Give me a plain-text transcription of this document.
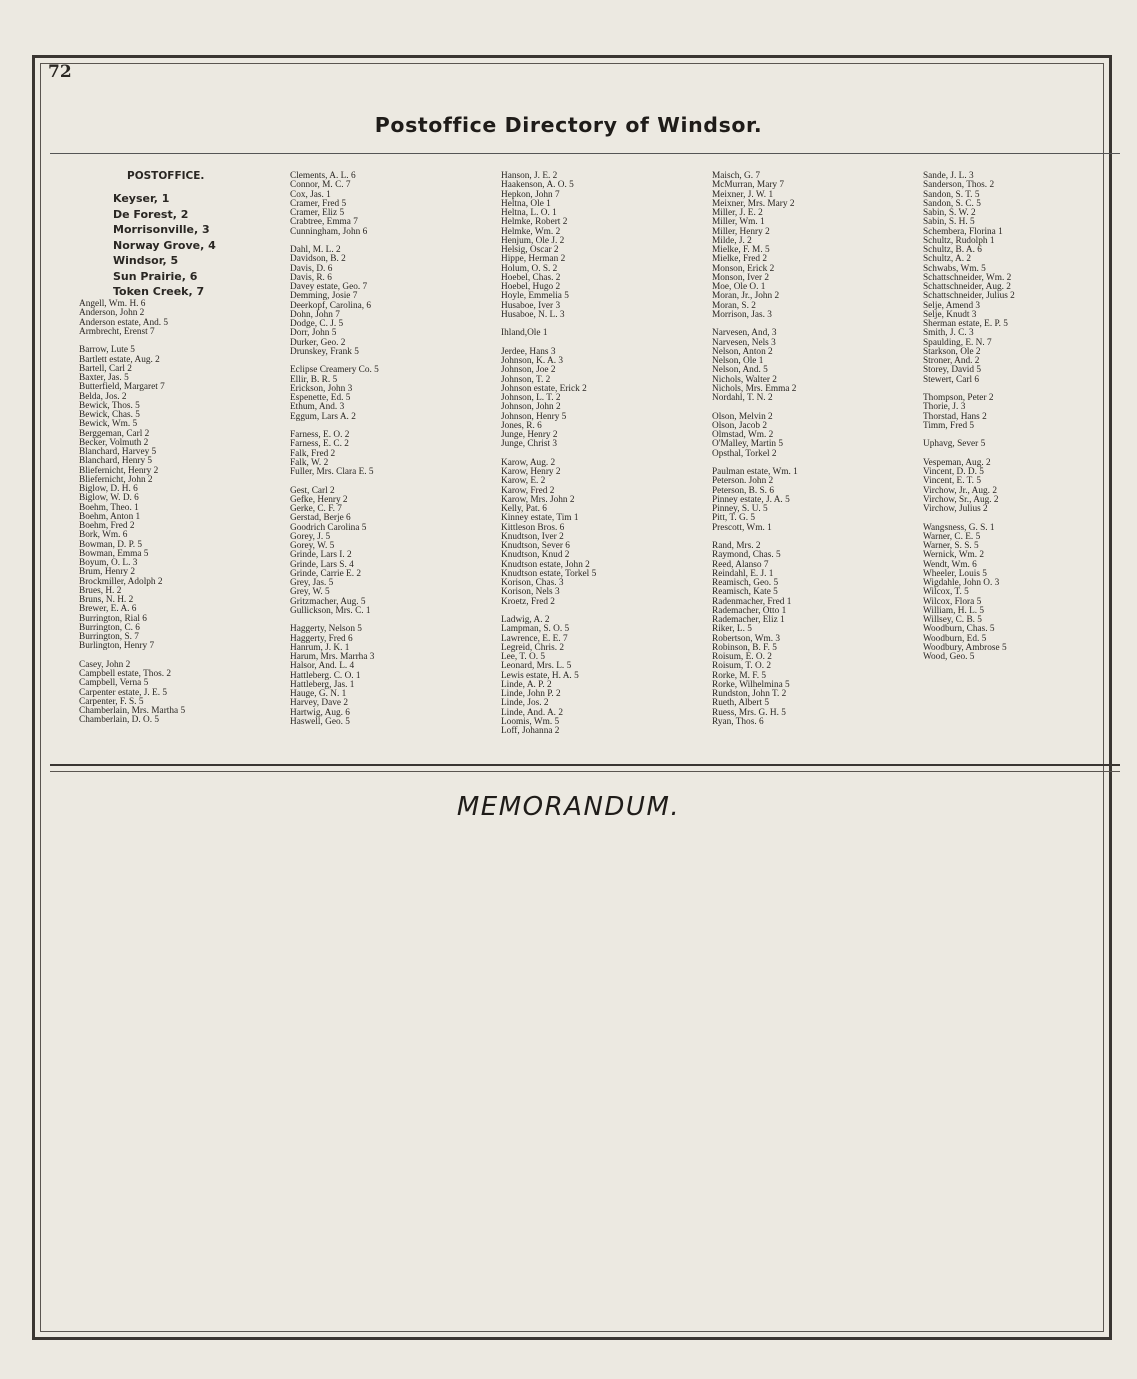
72
Postoffice Directory of Windsor.
POSTOFFICE.
Keyser, 1
De Forest, 2
Morrisonville, 3
Norway Grove, 4
Windsor, 5
Sun Prairie, 6
Token Creek, 7
Angell, Wm. H. 6
Anderson, John 2
Anderson estate, And. 5
Armbrecht, Erenst 7
Barrow, Lute 5
Bartlett estate, Aug. 2
Bartell, Carl 2
Baxter, Jas. 5
Butterfield, Margaret 7
Belda, Jos. 2
Bewick, Thos. 5
Bewick, Chas. 5
Bewick, Wm. 5
Berggeman, Carl 2
Becker, Volmuth 2
Blanchard, Harvey 5
Blanchard, Henry 5
Bliefernicht, Henry 2
Bliefernicht, John 2
Biglow, D. H. 6
Biglow, W. D. 6
Boehm, Theo. 1
Boehm, Anton 1
Boehm, Fred 2
Bork, Wm. 6
Bowman, D. P. 5
Bowman, Emma 5
Boyum, O. L. 3
Brum, Henry 2
Brockmiller, Adolph 2
Brues, H. 2
Bruns, N. H. 2
Brewer, E. A. 6
Burrington, Rial 6
Burrington, C. 6
Burrington, S. 7
Burlington, Henry 7
Casey, John 2
Campbell estate, Thos. 2
Campbell, Verna 5
Carpenter estate, J. E. 5
Carpenter, F. S. 5
Chamberlain, Mrs. Martha 5
Chamberlain, D. O. 5
Clements, A. L. 6
Connor, M. C. 7
Cox, Jas. 1
Cramer, Fred 5
Cramer, Eliz 5
Crabtree, Emma 7
Cunningham, John 6
Dahl, M. L. 2
Davidson, B. 2
Davis, D. 6
Davis, R. 6
Davey estate, Geo. 7
Demming, Josie 7
Deerkopf, Carolina, 6
Dohn, John 7
Dodge, C. J. 5
Dorr, John 5
Durker, Geo. 2
Drunskey, Frank 5
Eclipse Creamery Co. 5
Ellir, B. R. 5
Erickson, John 3
Espenette, Ed. 5
Ethum, And. 3
Eggum, Lars A. 2
Farness, E. O. 2
Farness, E. C. 2
Falk, Fred 2
Falk, W. 2
Fuller, Mrs. Clara E. 5
Gest, Carl 2
Gefke, Henry 2
Gerke, C. F. 7
Gerstad, Berje 6
Goodrich Carolina 5
Gorey, J. 5
Gorey, W. 5
Grinde, Lars I. 2
Grinde, Lars S. 4
Grinde, Carrie E. 2
Grey, Jas. 5
Grey, W. 5
Gritzmacher, Aug. 5
Gullickson, Mrs. C. 1
Haggerty, Nelson 5
Haggerty, Fred 6
Hanrum, J. K. 1
Harum, Mrs. Marrha 3
Halsor, And. L. 4
Hattleberg. C. O. 1
Hattleberg, Jas. 1
Hauge, G. N. 1
Harvey, Dave 2
Hartwig, Aug. 6
Haswell, Geo. 5
Hanson, J. E. 2
Haakenson, A. O. 5
Hepkon, John 7
Heltna, Ole 1
Heltna, L. O. 1
Helmke, Robert 2
Helmke, Wm. 2
Henjum, Ole J. 2
Helsig, Oscar 2
Hippe, Herman 2
Holum, O. S. 2
Hoebel, Chas. 2
Hoebel, Hugo 2
Hoyle, Emmelia 5
Husaboe, Iver 3
Husaboe, N. L. 3
Ihland,Ole 1
Jerdee, Hans 3
Johnson, K. A. 3
Johnson, Joe 2
Johnson, T. 2
Johnson estate, Erick 2
Johnson, L. T. 2
Johnson, John 2
Johnson, Henry 5
Jones, R. 6
Junge, Henry 2
Junge, Christ 3
Karow, Aug. 2
Karow, Henry 2
Karow, E. 2
Karow, Fred 2
Karow, Mrs. John 2
Kelly, Pat. 6
Kinney estate, Tim 1
Kittleson Bros. 6
Knudtson, Iver 2
Knudtson, Sever 6
Knudtson, Knud 2
Knudtson estate, John 2
Knudtson estate, Torkel 5
Korison, Chas. 3
Korison, Nels 3
Kroetz, Fred 2
Ladwig, A. 2
Lampman, S. O. 5
Lawrence, E. E. 7
Legreid, Chris. 2
Lee, T. O. 5
Leonard, Mrs. L. 5
Lewis estate, H. A. 5
Linde, A. P. 2
Linde, John P. 2
Linde, Jos. 2
Linde, And. A. 2
Loomis, Wm. 5
Loff, Johanna 2
Maisch, G. 7
McMurran, Mary 7
Meixner, J. W. 1
Meixner, Mrs. Mary 2
Miller, J. E. 2
Miller, Wm. 1
Miller, Henry 2
Milde, J. 2
Mielke, F. M. 5
Mielke, Fred 2
Monson, Erick 2
Monson, Iver 2
Moe, Ole O. 1
Moran, Jr., John 2
Moran, S. 2
Morrison, Jas. 3
Narvesen, And, 3
Narvesen, Nels 3
Nelson, Anton 2
Nelson, Ole 1
Nelson, And. 5
Nichols, Walter 2
Nichols, Mrs. Emma 2
Nordahl, T. N. 2
Olson, Melvin 2
Olson, Jacob 2
Olmstad, Wm. 2
O'Malley, Martin 5
Opsthal, Torkel 2
Paulman estate, Wm. 1
Peterson. John 2
Peterson, B. S. 6
Pinney estate, J. A. 5
Pinney, S. U. 5
Pitt, T. G. 5
Prescott, Wm. 1
Rand, Mrs. 2
Raymond, Chas. 5
Reed, Alanso 7
Reindahl, E. J. 1
Reamisch, Geo. 5
Reamisch, Kate 5
Radenmacher, Fred 1
Rademacher, Otto 1
Rademacher, Eliz 1
Riker, L. 5
Robertson, Wm. 3
Robinson, B. F. 5
Roisum, E. O. 2
Roisum, T. O. 2
Rorke, M. F. 5
Rorke, Wilhelmina 5
Rundston, John T. 2
Rueth, Albert 5
Ruess, Mrs. G. H. 5
Ryan, Thos. 6
Sande, J. L. 3
Sanderson, Thos. 2
Sandon, S. T. 5
Sandon, S. C. 5
Sabin, S. W. 2
Sabin, S. H. 5
Schembera, Florina 1
Schultz, Rudolph 1
Schultz, B. A. 6
Schultz, A. 2
Schwabs, Wm. 5
Schattschneider, Wm. 2
Schattschneider, Aug. 2
Schattschneider, Julius 2
Selje, Amend 3
Selje, Knudt 3
Sherman estate, E. P. 5
Smith, J. C. 3
Spaulding, E. N. 7
Starkson, Ole 2
Stroner, And. 2
Storey, David 5
Stewert, Carl 6
Thompson, Peter 2
Thorie, J. 3
Thorstad, Hans 2
Timm, Fred 5
Uphavg, Sever 5
Vespeman, Aug. 2
Vincent, D. D. 5
Vincent, E. T. 5
Virchow, Jr., Aug. 2
Virchow, Sr., Aug. 2
Virchow, Julius 2
Wangsness, G. S. 1
Warner, C. E. 5
Warner, S. S. 5
Wernick, Wm. 2
Wendt, Wm. 6
Wheeler, Louis 5
Wigdahle, John O. 3
Wilcox, T. 5
Wilcox, Flora 5
William, H. L. 5
Willsey, C. B. 5
Woodburn, Chas. 5
Woodburn, Ed. 5
Woodbury, Ambrose 5
Wood, Geo. 5
MEMORANDUM.
